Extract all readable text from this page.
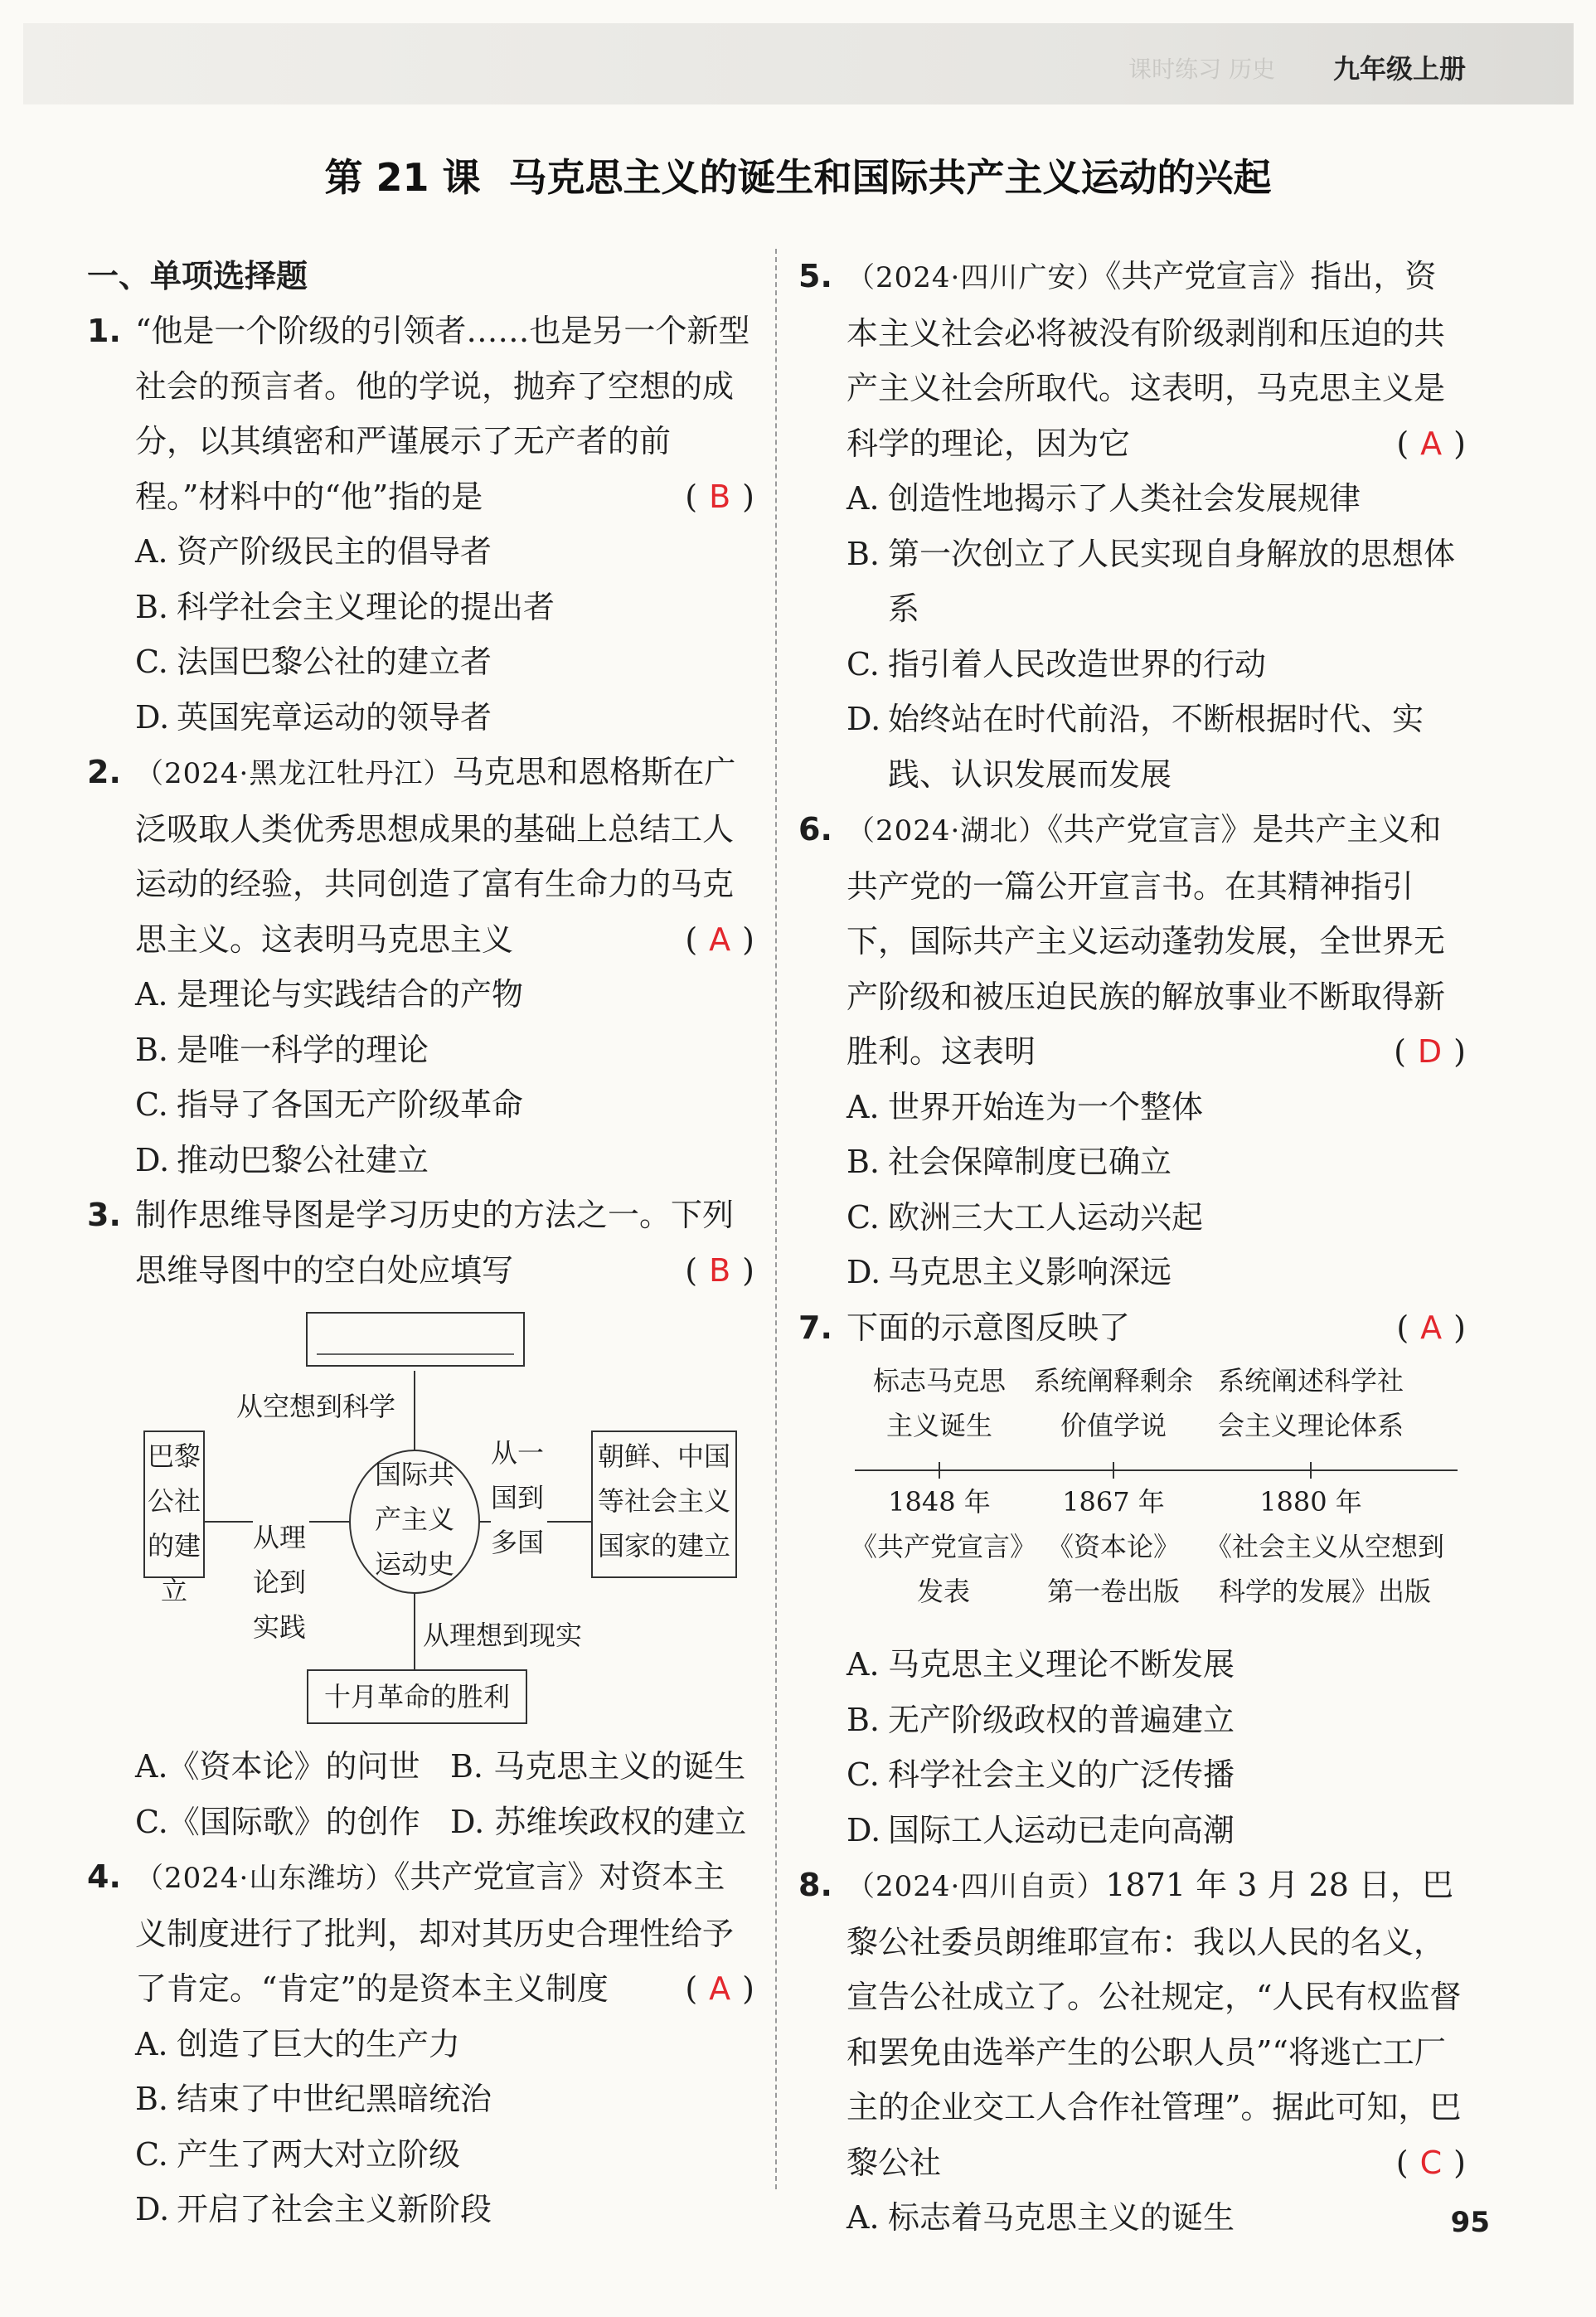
课时练习 历史 九年级上册
第 21 课 马克思主义的诞生和国际共产主义运动的兴起
一、单项选择题
1. “他是一个阶级的引领者……也是另一个新型社会的预言者。他的学说，抛弃了空想的成分，以其缜密和严谨展示了无产者的前程。”材料中的“他”指的是	( B )
A. 资产阶级民主的倡导者
B. 科学社会主义理论的提出者
C. 法国巴黎公社的建立者
D. 英国宪章运动的领导者
2. （2024·黑龙江牡丹江）马克思和恩格斯在广泛吸取人类优秀思想成果的基础上总结工人运动的经验，共同创造了富有生命力的马克思主义。这表明马克思主义	( A )
A. 是理论与实践结合的产物
B. 是唯一科学的理论
C. 指导了各国无产阶级革命
D. 推动巴黎公社建立
3. 制作思维导图是学习历史的方法之一。下列思维导图中的空白处应填写	( B )
从空想到科学
从一国到多国
从理论到实践	从理想到现实
国际共产主义运动史
巴黎公社的建立
朝鲜、中国等社会主义国家的建立
十月革命的胜利
A.《资本论》的问世 B. 马克思主义的诞生
C.《国际歌》的创作 D. 苏维埃政权的建立
4. （2024·山东潍坊）《共产党宣言》对资本主义制度进行了批判，却对其历史合理性给予了肯定。“肯定”的是资本主义制度 ( A )
A. 创造了巨大的生产力
B. 结束了中世纪黑暗统治
C. 产生了两大对立阶级
D. 开启了社会主义新阶段
5. （2024·四川广安）《共产党宣言》指出，资本主义社会必将被没有阶级剥削和压迫的共产主义社会所取代。这表明，马克思主义是科学的理论，因为它	( A )
A. 创造性地揭示了人类社会发展规律
B. 第一次创立了人民实现自身解放的思想体系
C. 指引着人民改造世界的行动
D. 始终站在时代前沿，不断根据时代、实践、认识发展而发展
6. （2024·湖北）《共产党宣言》是共产主义和共产党的一篇公开宣言书。在其精神指引下，国际共产主义运动蓬勃发展，全世界无产阶级和被压迫民族的解放事业不断取得新胜利。这表明	( D )
A. 世界开始连为一个整体
B. 社会保障制度已确立
C. 欧洲三大工人运动兴起
D. 马克思主义影响深远
7. 下面的示意图反映了	( A )
标志马克思
主义诞生
系统阐释剩余
价值学说
系统阐述科学社
会主义理论体系
1848 年	1867 年	1880 年
《共产党宣言》
发表
《资本论》
第一卷出版
《社会主义从空想到
科学的发展》出版
A. 马克思主义理论不断发展
B. 无产阶级政权的普遍建立
C. 科学社会主义的广泛传播
D. 国际工人运动已走向高潮
8. （2024·四川自贡）1871 年 3 月 28 日，巴黎公社委员朗维耶宣布：我以人民的名义，宣告公社成立了。公社规定，“人民有权监督和罢免由选举产生的公职人员”“将逃亡工厂主的企业交工人合作社管理”。据此可知，巴黎公社	( C )
A. 标志着马克思主义的诞生	95
